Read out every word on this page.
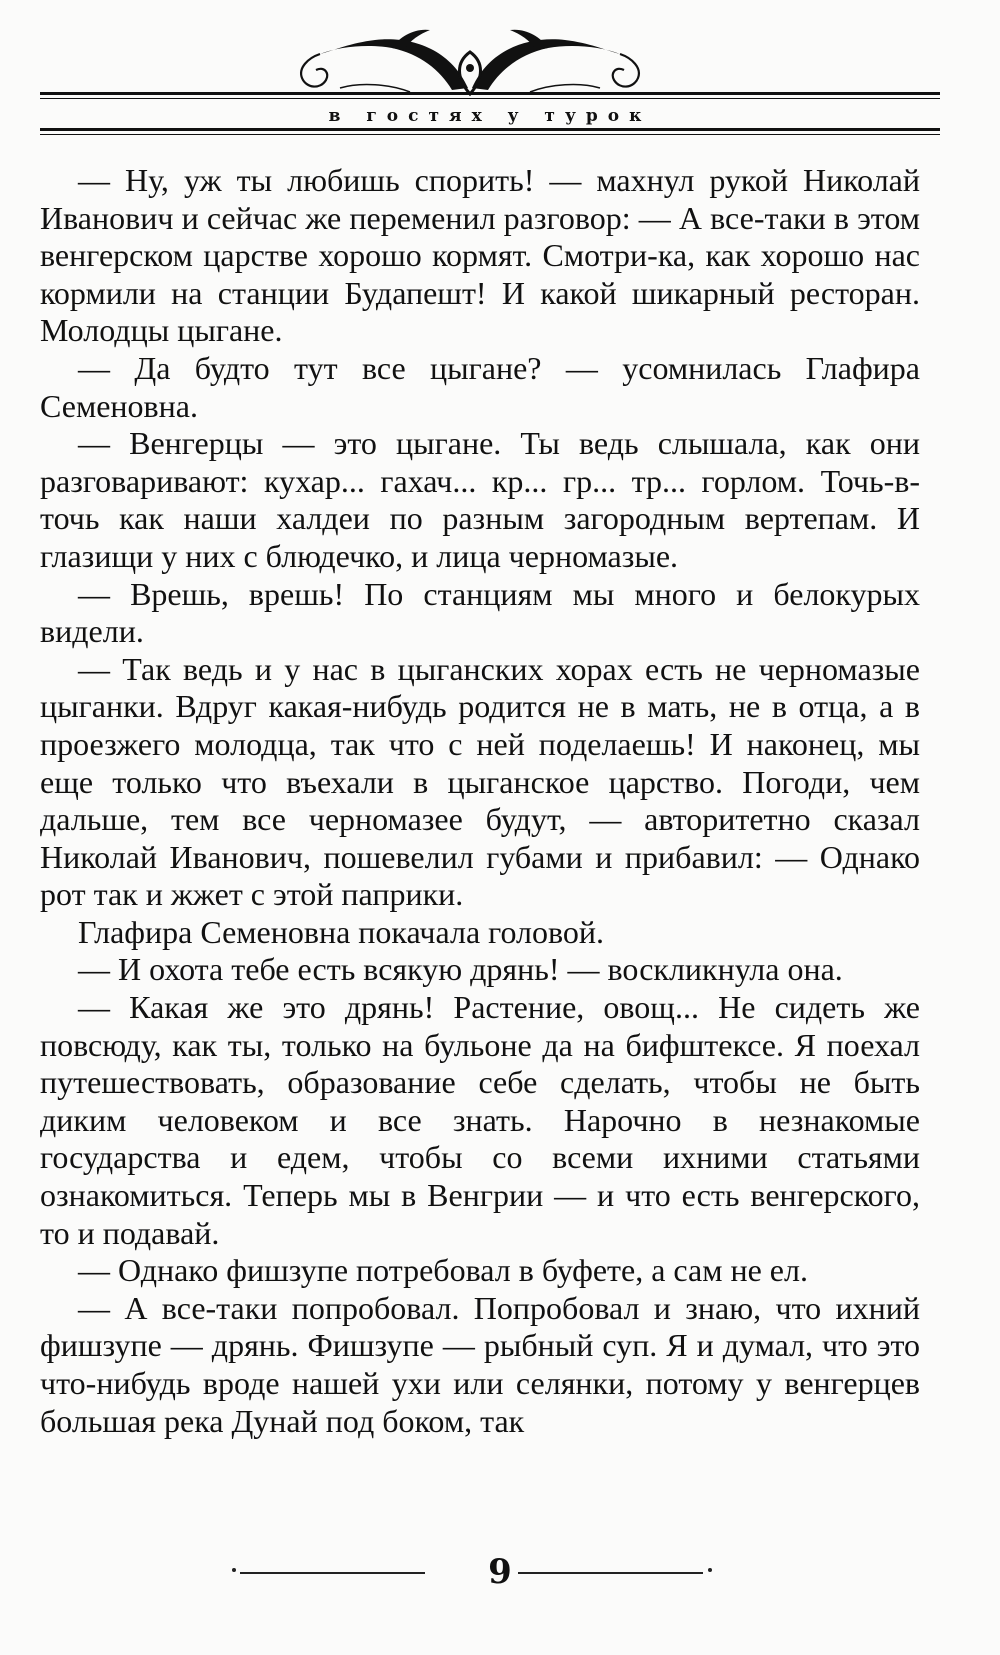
в гостях у турок

— Ну, уж ты любишь спорить! — махнул рукой Николай Иванович и сейчас же переменил разговор: — А все-таки в этом венгерском царстве хорошо кормят. Смотри-ка, как хорошо нас кормили на станции Будапешт! И какой шикарный ресторан. Молодцы цыгане.

— Да будто тут все цыгане? — усомнилась Глафира Семеновна.

— Венгерцы — это цыгане. Ты ведь слышала, как они разговаривают: кухар... гахач... кр... гр... тр... горлом. Точь-в-точь как наши халдеи по разным загородным вертепам. И глазищи у них с блюдечко, и лица черномазые.

— Врешь, врешь! По станциям мы много и белокурых видели.

— Так ведь и у нас в цыганских хорах есть не черномазые цыганки. Вдруг какая-нибудь родится не в мать, не в отца, а в проезжего молодца, так что с ней поделаешь! И наконец, мы еще только что въехали в цыганское царство. Погоди, чем дальше, тем все черномазее будут, — авторитетно сказал Николай Иванович, пошевелил губами и прибавил: — Однако рот так и жжет с этой паприки.

Глафира Семеновна покачала головой.

— И охота тебе есть всякую дрянь! — воскликнула она.

— Какая же это дрянь! Растение, овощ... Не сидеть же повсюду, как ты, только на бульоне да на бифштексе. Я поехал путешествовать, образование себе сделать, чтобы не быть диким человеком и все знать. Нарочно в незнакомые государства и едем, чтобы со всеми ихними статьями ознакомиться. Теперь мы в Венгрии — и что есть венгерского, то и подавай.

— Однако фишзупе потребовал в буфете, а сам не ел.

— А все-таки попробовал. Попробовал и знаю, что ихний фишзупе — дрянь. Фишзупе — рыбный суп. Я и думал, что это что-нибудь вроде нашей ухи или селянки, потому у венгерцев большая река Дунай под боком, так

9
